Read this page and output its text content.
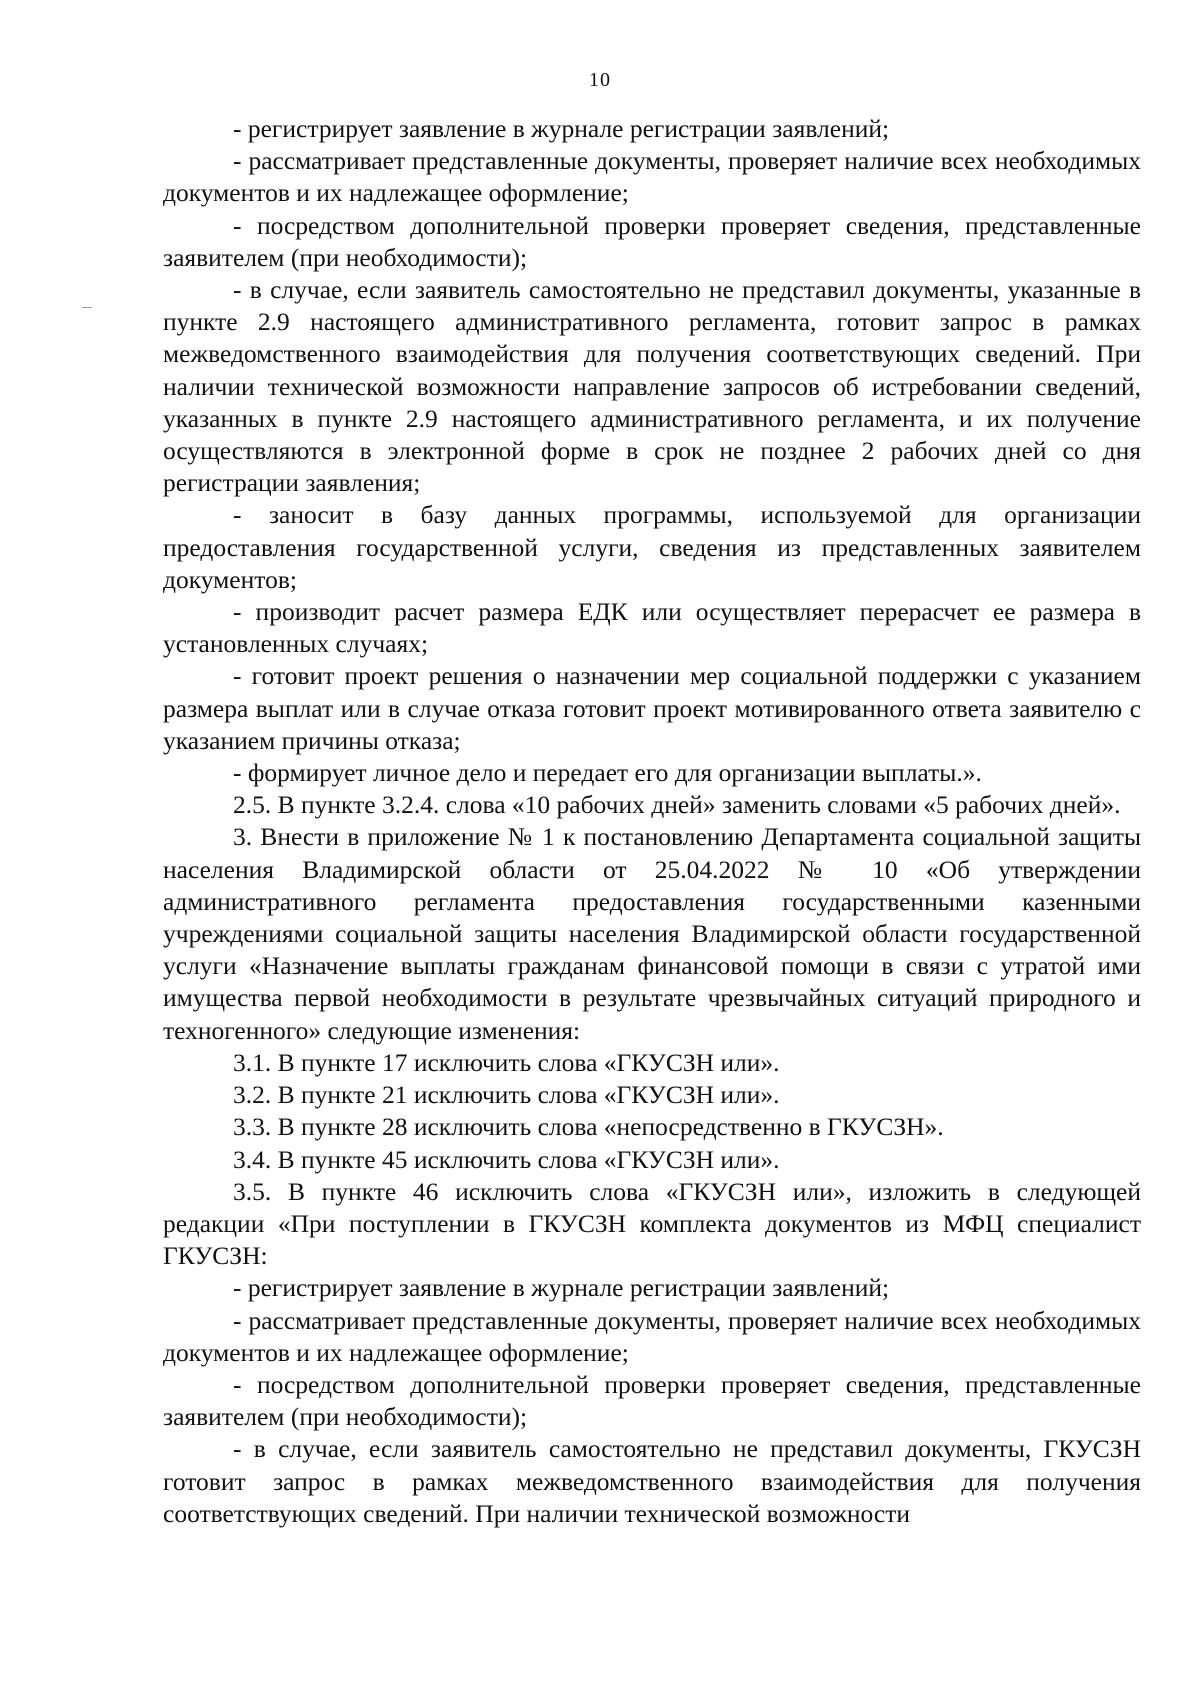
10

- регистрирует заявление в журнале регистрации заявлений;

- рассматривает представленные документы, проверяет наличие всех необходимых документов и их надлежащее оформление;

- посредством дополнительной проверки проверяет сведения, представленные заявителем (при необходимости);

- в случае, если заявитель самостоятельно не представил документы, указанные в пункте 2.9 настоящего административного регламента, готовит запрос в рамках межведомственного взаимодействия для получения соответствующих сведений. При наличии технической возможности направление запросов об истребовании сведений, указанных в пункте 2.9 настоящего административного регламента, и их получение осуществляются в электронной форме в срок не позднее 2 рабочих дней со дня регистрации заявления;

- заносит в базу данных программы, используемой для организации предоставления государственной услуги, сведения из представленных заявителем документов;

- производит расчет размера ЕДК или осуществляет перерасчет ее размера в установленных случаях;

- готовит проект решения о назначении мер социальной поддержки с указанием размера выплат или в случае отказа готовит проект мотивированного ответа заявителю с указанием причины отказа;

- формирует личное дело и передает его для организации выплаты.».

2.5. В пункте 3.2.4. слова «10 рабочих дней» заменить словами «5 рабочих дней».

3. Внести в приложение № 1 к постановлению Департамента социальной защиты населения Владимирской области от 25.04.2022 № 10 «Об утверждении административного регламента предоставления государственными казенными учреждениями социальной защиты населения Владимирской области государственной услуги «Назначение выплаты гражданам финансовой помощи в связи с утратой ими имущества первой необходимости в результате чрезвычайных ситуаций природного и техногенного» следующие изменения:

3.1. В пункте 17 исключить слова «ГКУСЗН или».

3.2. В пункте 21 исключить слова «ГКУСЗН или».

3.3. В пункте 28 исключить слова «непосредственно в ГКУСЗН».

3.4. В пункте 45 исключить слова «ГКУСЗН или».

3.5. В пункте 46 исключить слова «ГКУСЗН или», изложить в следующей редакции «При поступлении в ГКУСЗН комплекта документов из МФЦ специалист ГКУСЗН:

- регистрирует заявление в журнале регистрации заявлений;

- рассматривает представленные документы, проверяет наличие всех необходимых документов и их надлежащее оформление;

- посредством дополнительной проверки проверяет сведения, представленные заявителем (при необходимости);

- в случае, если заявитель самостоятельно не представил документы, ГКУСЗН готовит запрос в рамках межведомственного взаимодействия для получения соответствующих сведений. При наличии технической возможности
